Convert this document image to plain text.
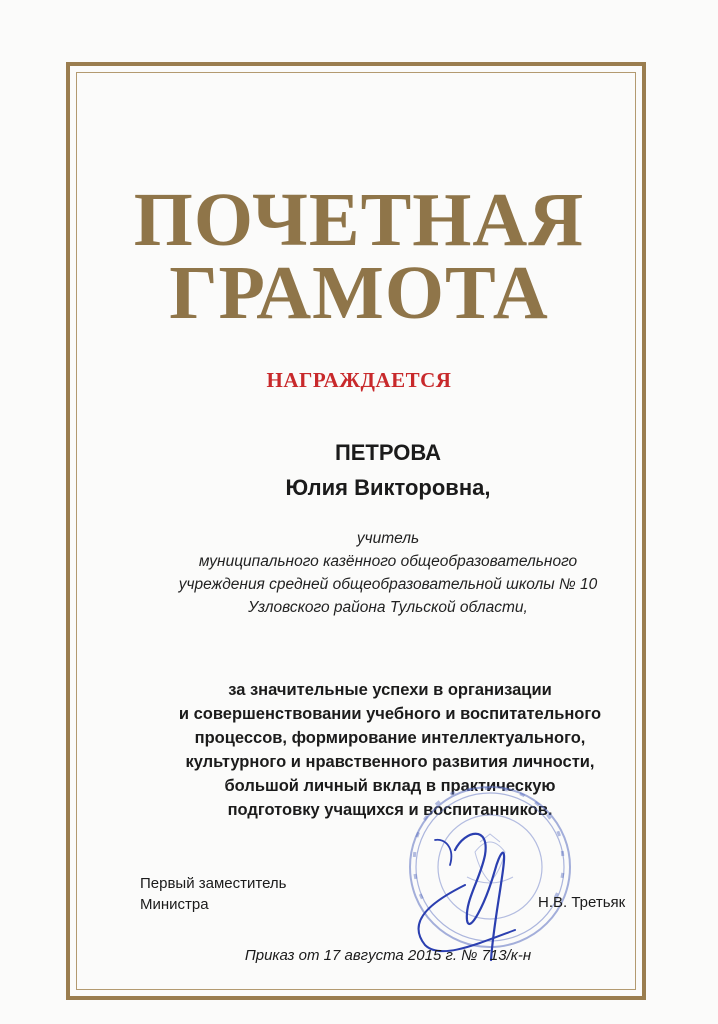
ПОЧЕТНАЯ
ГРАМОТА
НАГРАЖДАЕТСЯ
ПЕТРОВА
Юлия Викторовна,
учитель
муниципального казённого общеобразовательного
учреждения средней общеобразовательной школы № 10
Узловского района Тульской области,
за значительные успехи в организации
и совершенствовании учебного и воспитательного
процессов, формирование интеллектуального,
культурного и нравственного развития личности,
большой личный вклад в практическую
подготовку учащихся и воспитанников.
Первый заместитель
Министра	Н.В. Третьяк
Приказ от 17 августа 2015 г. № 713/к-н
